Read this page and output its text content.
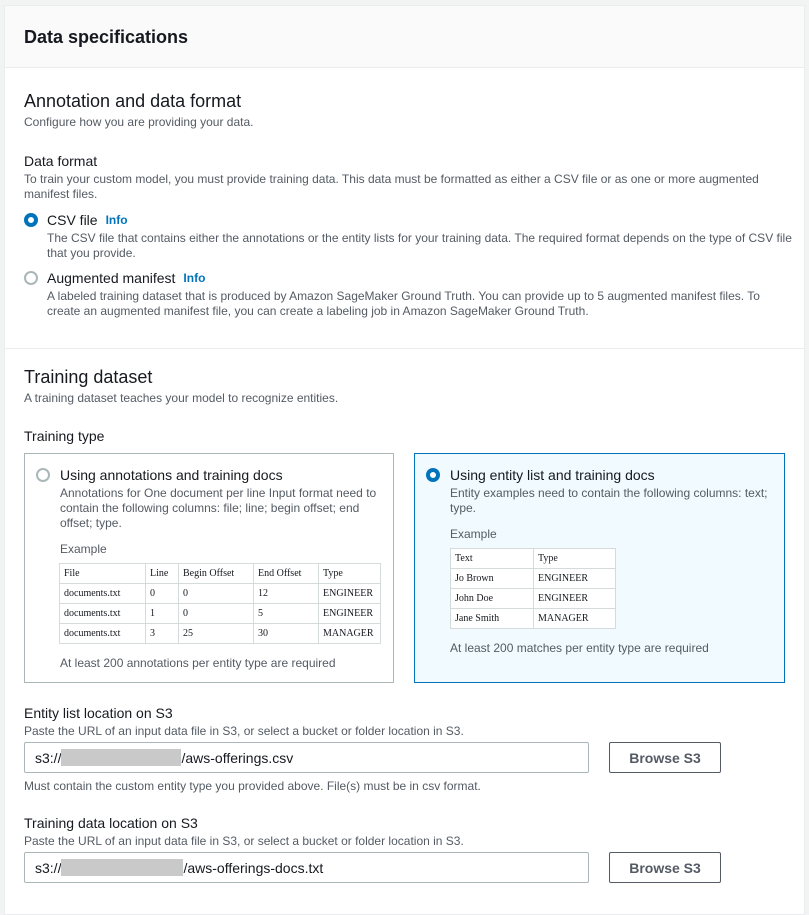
Data specifications
Annotation and data format
Configure how you are providing your data.
Data format
To train your custom model, you must provide training data. This data must be formatted as either a CSV file or as one or more augmented manifest files.
CSV file Info
The CSV file that contains either the annotations or the entity lists for your training data. The required format depends on the type of CSV file that you provide.
Augmented manifest Info
A labeled training dataset that is produced by Amazon SageMaker Ground Truth. You can provide up to 5 augmented manifest files. To create an augmented manifest file, you can create a labeling job in Amazon SageMaker Ground Truth.
Training dataset
A training dataset teaches your model to recognize entities.
Training type
Using annotations and training docs
Annotations for One document per line Input format need to contain the following columns: file; line; begin offset; end offset; type.
Example
File	Line	Begin Offset	End Offset	Type
documents.txt	0	0	12	ENGINEER
documents.txt	1	0	5	ENGINEER
documents.txt	3	25	30	MANAGER
At least 200 annotations per entity type are required
Using entity list and training docs
Entity examples need to contain the following columns: text; type.
Example
Text	Type
Jo Brown	ENGINEER
John Doe	ENGINEER
Jane Smith	MANAGER
At least 200 matches per entity type are required
Entity list location on S3
Paste the URL of an input data file in S3, or select a bucket or folder location in S3.
s3://	/aws-offerings.csv	Browse S3
Must contain the custom entity type you provided above. File(s) must be in csv format.
Training data location on S3
Paste the URL of an input data file in S3, or select a bucket or folder location in S3.
s3://	/aws-offerings-docs.txt	Browse S3
